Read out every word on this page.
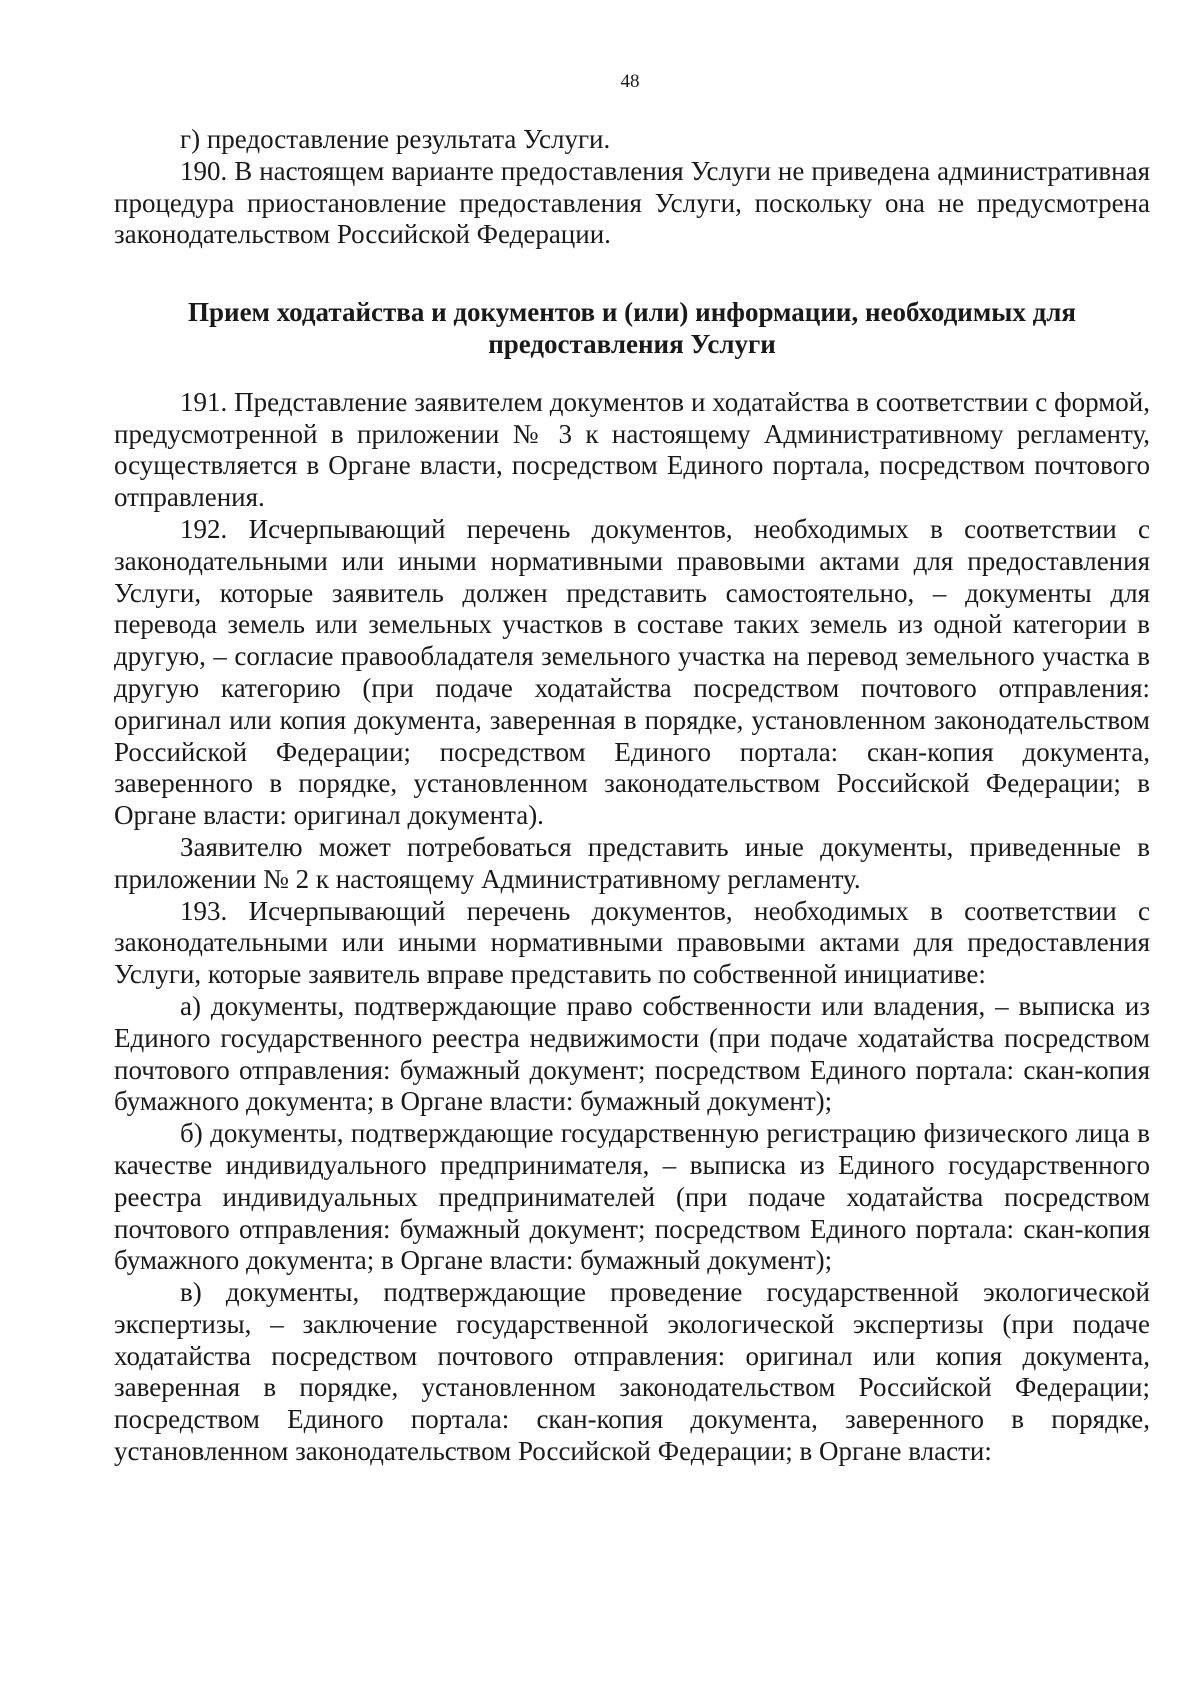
48

г) предоставление результата Услуги.

190. В настоящем варианте предоставления Услуги не приведена административная процедура приостановление предоставления Услуги, поскольку она не предусмотрена законодательством Российской Федерации.

Прием ходатайства и документов и (или) информации, необходимых для предоставления Услуги

191. Представление заявителем документов и ходатайства в соответствии с формой, предусмотренной в приложении № 3 к настоящему Административному регламенту, осуществляется в Органе власти, посредством Единого портала, посредством почтового отправления.

192. Исчерпывающий перечень документов, необходимых в соответствии с законодательными или иными нормативными правовыми актами для предоставления Услуги, которые заявитель должен представить самостоятельно, – документы для перевода земель или земельных участков в составе таких земель из одной категории в другую, – согласие правообладателя земельного участка на перевод земельного участка в другую категорию (при подаче ходатайства посредством почтового отправления: оригинал или копия документа, заверенная в порядке, установленном законодательством Российской Федерации; посредством Единого портала: скан-копия документа, заверенного в порядке, установленном законодательством Российской Федерации; в Органе власти: оригинал документа).

Заявителю может потребоваться представить иные документы, приведенные в приложении № 2 к настоящему Административному регламенту.

193. Исчерпывающий перечень документов, необходимых в соответствии с законодательными или иными нормативными правовыми актами для предоставления Услуги, которые заявитель вправе представить по собственной инициативе:

а) документы, подтверждающие право собственности или владения, – выписка из Единого государственного реестра недвижимости (при подаче ходатайства посредством почтового отправления: бумажный документ; посредством Единого портала: скан-копия бумажного документа; в Органе власти: бумажный документ);

б) документы, подтверждающие государственную регистрацию физического лица в качестве индивидуального предпринимателя, – выписка из Единого государственного реестра индивидуальных предпринимателей (при подаче ходатайства посредством почтового отправления: бумажный документ; посредством Единого портала: скан-копия бумажного документа; в Органе власти: бумажный документ);

в) документы, подтверждающие проведение государственной экологической экспертизы, – заключение государственной экологической экспертизы (при подаче ходатайства посредством почтового отправления: оригинал или копия документа, заверенная в порядке, установленном законодательством Российской Федерации; посредством Единого портала: скан-копия документа, заверенного в порядке, установленном законодательством Российской Федерации; в Органе власти:
